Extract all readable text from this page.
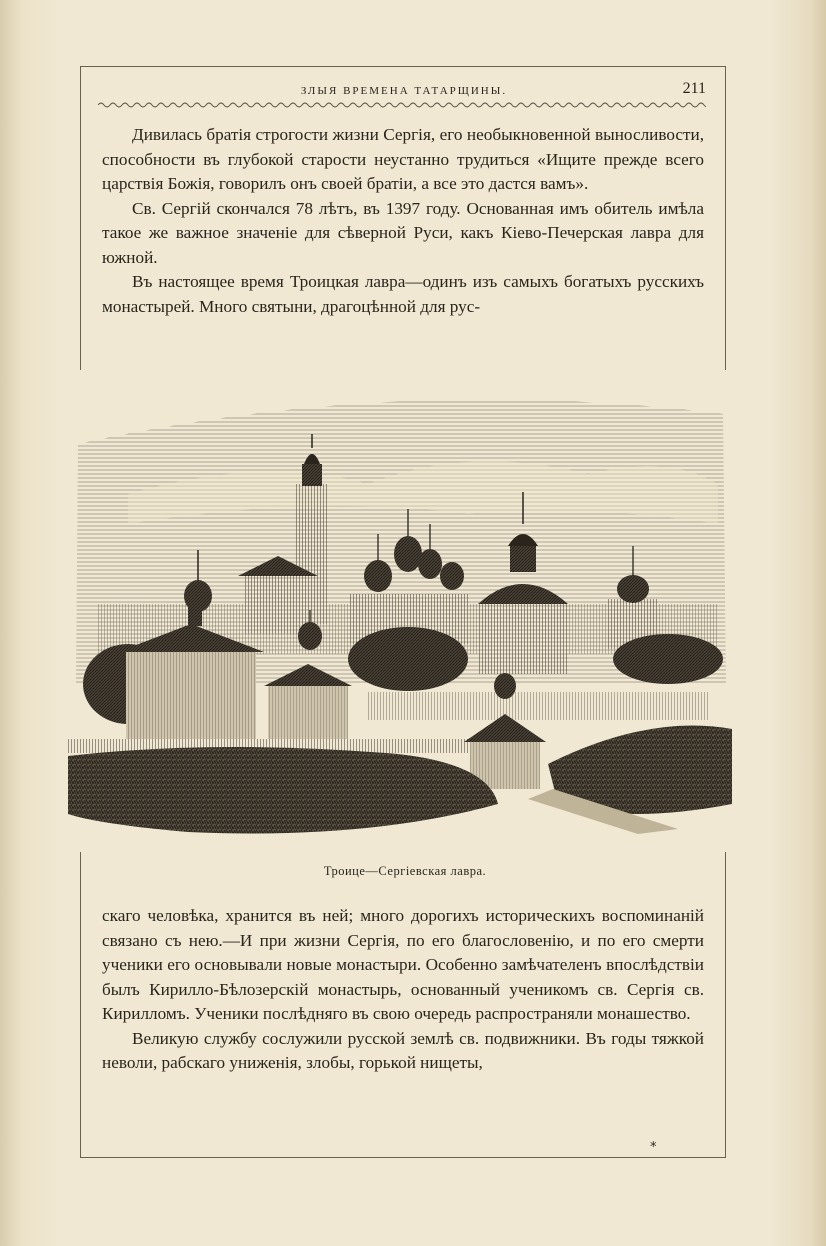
ЗЛЫЯ ВРЕМЕНА ТАТАРЩИНЫ.	211

Дивилась братія строгости жизни Сергія, его необыкновенной выносливости, способности въ глубокой старости неустанно трудиться «Ищите прежде всего царствія Божія, говорилъ онъ своей братіи, а все это дастся вамъ».

Св. Сергій скончался 78 лѣтъ, въ 1397 году. Основанная имъ обитель имѣла такое же важное значеніе для сѣверной Руси, какъ Кіево-Печерская лавра для южной.

Въ настоящее время Троицкая лавра—одинъ изъ самыхъ богатыхъ русскихъ монастырей. Много святыни, драгоцѣнной для рус-

Троице—Сергіевская лавра.

скаго человѣка, хранится въ ней; много дорогихъ историческихъ воспоминаній связано съ нею.—И при жизни Сергія, по его благословенію, и по его смерти ученики его основывали новые монастыри. Особенно замѣчателенъ впослѣдствіи былъ Кирилло-Бѣлозерскій монастырь, основанный ученикомъ св. Сергія св. Кирилломъ. Ученики послѣдняго въ свою очередь распространяли монашество.

Великую службу сослужили русской землѣ св. подвижники. Въ годы тяжкой неволи, рабскаго униженія, злобы, горькой нищеты,

*
